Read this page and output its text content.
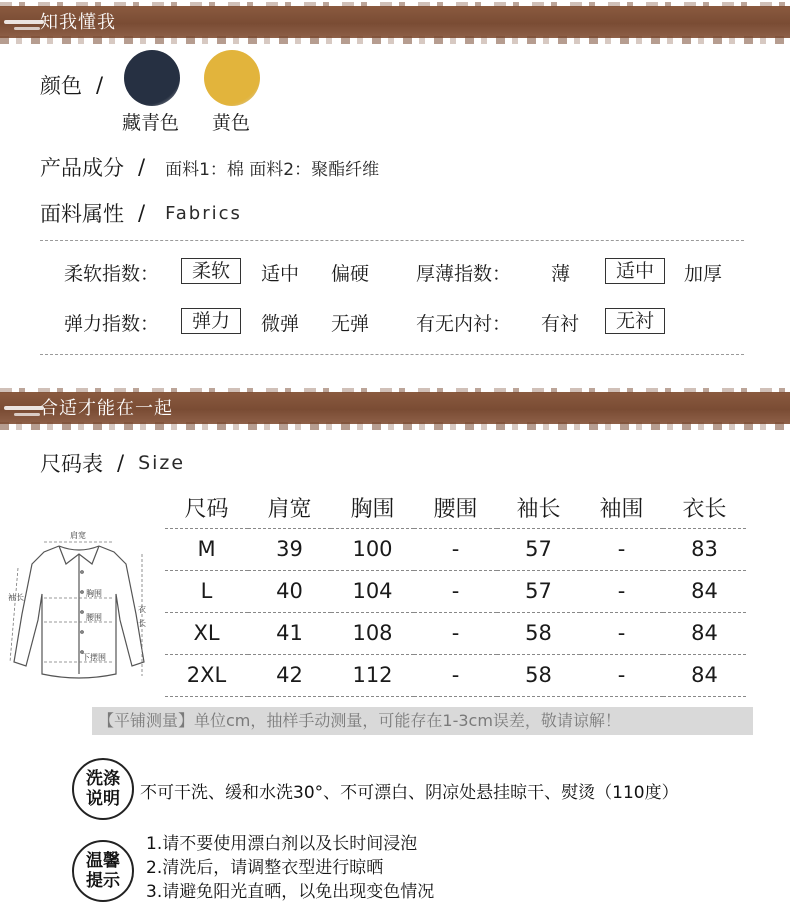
知我懂我
颜色 /
藏青色 黄色
产品成分 / 面料1：棉 面料2：聚酯纤维
面料属性 / Fabrics
柔软指数：	柔软	适中 偏硬 厚薄指数： 薄	适中	加厚
弹力指数：	弹力	微弹 无弹 有无内衬： 有衬	无衬
合适才能在一起
尺码表 / Size
肩宽
袖长	胸围
腰围
下摆围
衣
长
尺码	肩宽	胸围	腰围	袖长	袖围	衣长
M	39	100	-	57	-	83
L	40	104	-	57	-	84
XL	41	108	-	58	-	84
2XL	42	112	-	58	-	84
【平铺测量】单位cm，抽样手动测量，可能存在1-3cm误差，敬请谅解！
洗涤
说明 不可干洗、缓和水洗30°、不可漂白、阴凉处悬挂晾干、熨烫（110度）
温馨
提示
1.请不要使用漂白剂以及长时间浸泡
2.清洗后，请调整衣型进行晾晒
3.请避免阳光直晒，以免出现变色情况
